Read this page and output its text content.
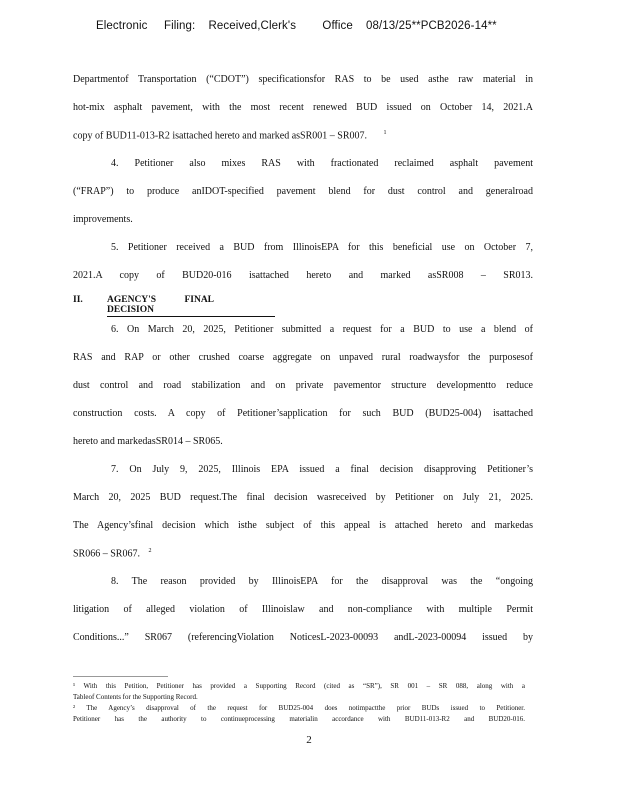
Electronic     Filing:    Received,Clerk's        Office    08/13/25**PCB2026-14**
Departmentof Transportation (“CDOT”) specificationsfor RAS to be used asthe raw material in
hot-mix asphalt pavement, with the most recent renewed BUD issued on October 14, 2021.A
copy of BUD11-013-R2 isattached hereto and marked asSR001 – SR007.	$^1$
4. Petitioner also mixes RAS with fractionated reclaimed asphalt pavement
(“FRAP”) to produce anIDOT-specified pavement blend for dust control and generalroad
improvements.
5. Petitioner received a BUD from IllinoisEPA for this beneficial use on October 7,
2021.A copy of BUD20-016 isattached hereto and marked asSR008 – SR013.
II.	AGENCY'S FINAL DECISION
6. On March 20, 2025, Petitioner submitted a request for a BUD to use a blend of
RAS and RAP or other crushed coarse aggregate on unpaved rural roadwaysfor the purposesof
dust control and road stabilization and on private pavementor structure developmentto reduce
construction costs. A copy of Petitioner’sapplication for such BUD (BUD25-004) isattached
hereto and markedasSR014 – SR065.
7. On July 9, 2025, Illinois EPA issued a final decision disapproving Petitioner’s
March 20, 2025 BUD request.The final decision wasreceived by Petitioner on July 21, 2025.
The Agency’sfinal decision which isthe subject of this appeal is attached hereto and markedas
SR066 – SR067. $^2$
8. The reason provided by IllinoisEPA for the disapproval was the “ongoing
litigation of alleged violation of Illinoislaw and non-compliance with multiple Permit
Conditions...” SR067 (referencingViolation NoticesL-2023-00093 andL-2023-00094 issued by
¹ With this Petition, Petitioner has provided a Supporting Record (cited as “SR”), SR 001 – SR 088, along with a
Tableof Contents for the Supporting Record.
² The Agency’s disapproval of the request for BUD25-004 does notimpactthe prior BUDs issued to Petitioner.
Petitioner has the authority to continueprocessing materialin accordance with BUD11-013-R2 and BUD20-016.
2
